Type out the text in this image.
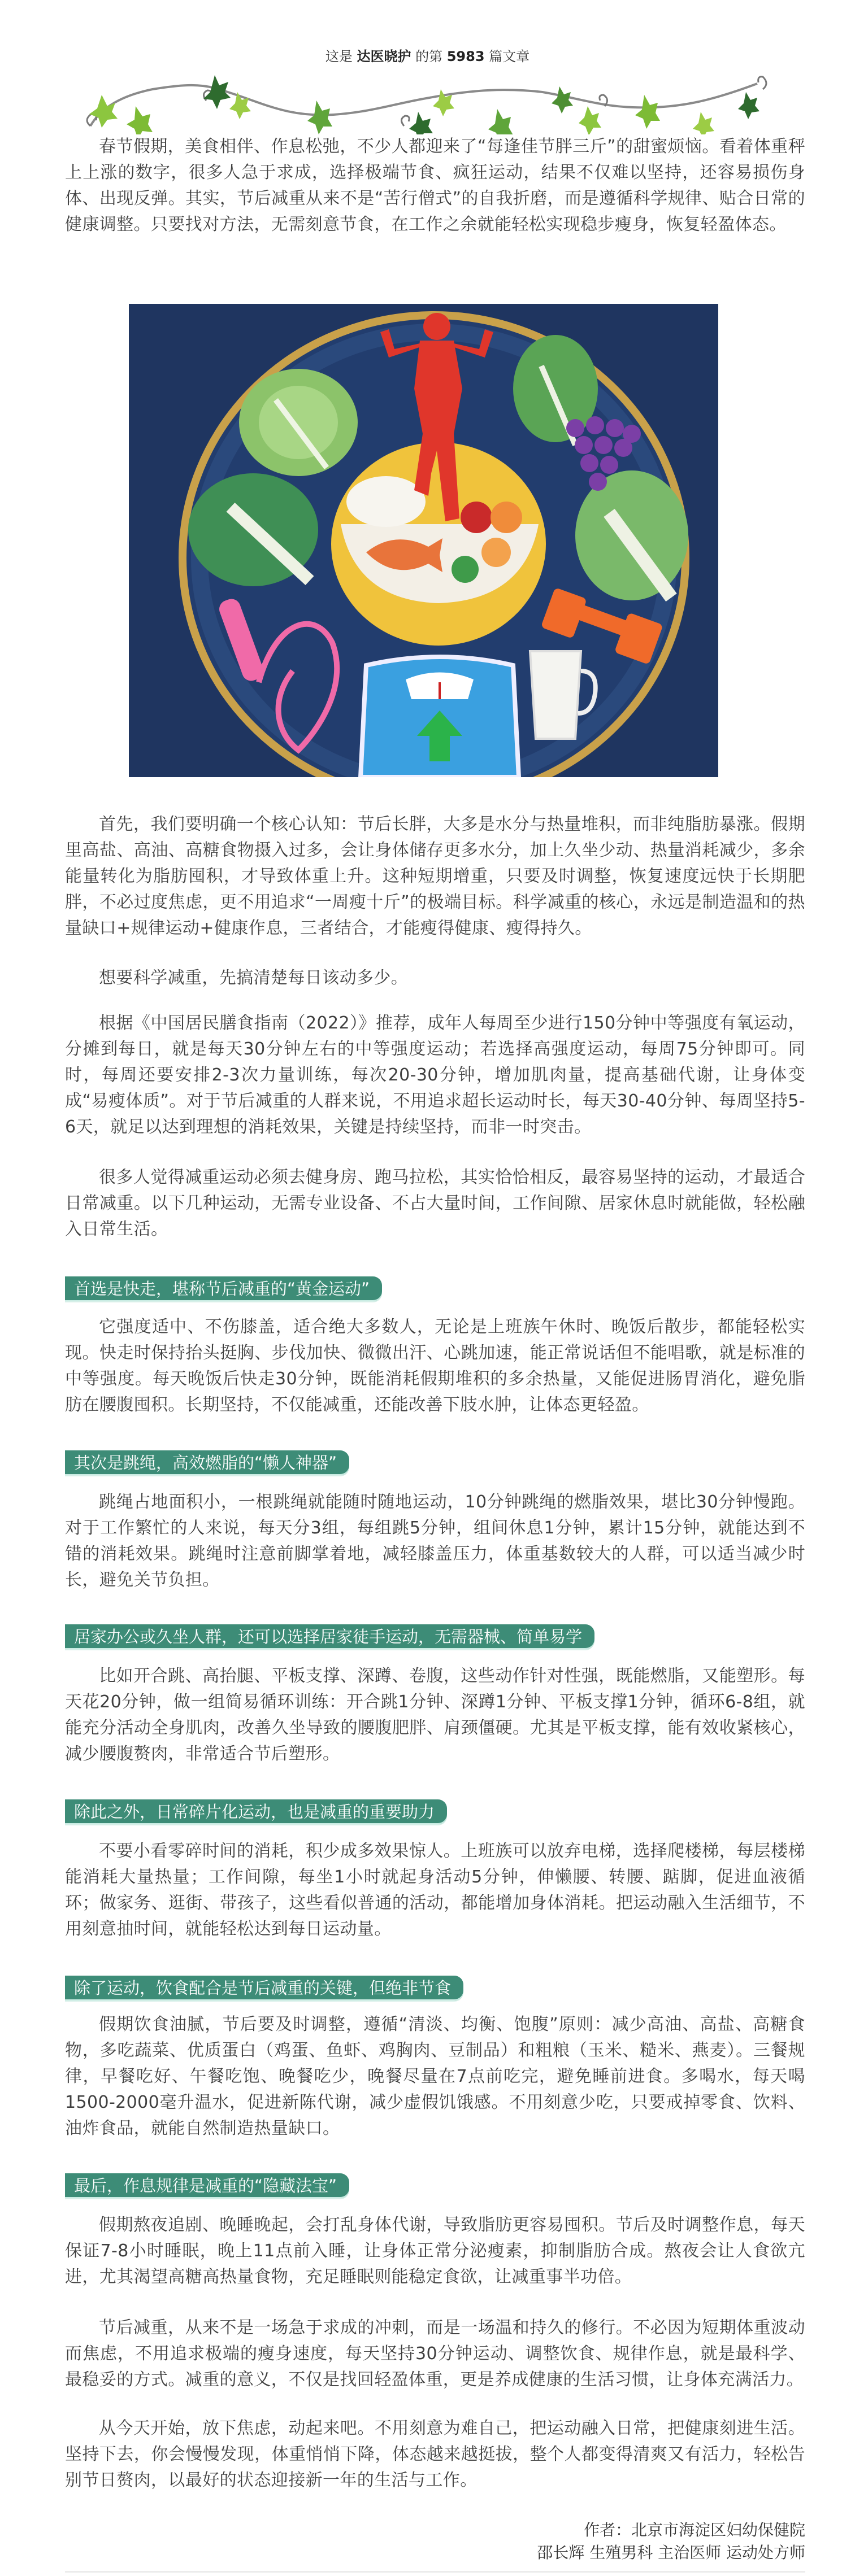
这是 达医晓护 的第 5983 篇文章

春节假期，美食相伴、作息松弛，不少人都迎来了“每逢佳节胖三斤”的甜蜜烦恼。看着体重秤上上涨的数字，很多人急于求成，选择极端节食、疯狂运动，结果不仅难以坚持，还容易损伤身体、出现反弹。其实，节后减重从来不是“苦行僧式”的自我折磨，而是遵循科学规律、贴合日常的健康调整。只要找对方法，无需刻意节食，在工作之余就能轻松实现稳步瘦身，恢复轻盈体态。

首先，我们要明确一个核心认知：节后长胖，大多是水分与热量堆积，而非纯脂肪暴涨。假期里高盐、高油、高糖食物摄入过多，会让身体储存更多水分，加上久坐少动、热量消耗减少，多余能量转化为脂肪囤积，才导致体重上升。这种短期增重，只要及时调整，恢复速度远快于长期肥胖，不必过度焦虑，更不用追求“一周瘦十斤”的极端目标。科学减重的核心，永远是制造温和的热量缺口+规律运动+健康作息，三者结合，才能瘦得健康、瘦得持久。

想要科学减重，先搞清楚每日该动多少。

根据《中国居民膳食指南（2022）》推荐，成年人每周至少进行150分钟中等强度有氧运动，分摊到每日，就是每天30分钟左右的中等强度运动；若选择高强度运动，每周75分钟即可。同时，每周还要安排2-3次力量训练，每次20-30分钟，增加肌肉量，提高基础代谢，让身体变成“易瘦体质”。对于节后减重的人群来说，不用追求超长运动时长，每天30-40分钟、每周坚持5-6天，就足以达到理想的消耗效果，关键是持续坚持，而非一时突击。

很多人觉得减重运动必须去健身房、跑马拉松，其实恰恰相反，最容易坚持的运动，才最适合日常减重。以下几种运动，无需专业设备、不占大量时间，工作间隙、居家休息时就能做，轻松融入日常生活。

首选是快走，堪称节后减重的“黄金运动”

它强度适中、不伤膝盖，适合绝大多数人，无论是上班族午休时、晚饭后散步，都能轻松实现。快走时保持抬头挺胸、步伐加快、微微出汗、心跳加速，能正常说话但不能唱歌，就是标准的中等强度。每天晚饭后快走30分钟，既能消耗假期堆积的多余热量，又能促进肠胃消化，避免脂肪在腰腹囤积。长期坚持，不仅能减重，还能改善下肢水肿，让体态更轻盈。

其次是跳绳，高效燃脂的“懒人神器”

跳绳占地面积小，一根跳绳就能随时随地运动，10分钟跳绳的燃脂效果，堪比30分钟慢跑。对于工作繁忙的人来说，每天分3组，每组跳5分钟，组间休息1分钟，累计15分钟，就能达到不错的消耗效果。跳绳时注意前脚掌着地，减轻膝盖压力，体重基数较大的人群，可以适当减少时长，避免关节负担。

居家办公或久坐人群，还可以选择居家徒手运动，无需器械、简单易学

比如开合跳、高抬腿、平板支撑、深蹲、卷腹，这些动作针对性强，既能燃脂，又能塑形。每天花20分钟，做一组简易循环训练：开合跳1分钟、深蹲1分钟、平板支撑1分钟，循环6-8组，就能充分活动全身肌肉，改善久坐导致的腰腹肥胖、肩颈僵硬。尤其是平板支撑，能有效收紧核心，减少腰腹赘肉，非常适合节后塑形。

除此之外，日常碎片化运动，也是减重的重要助力

不要小看零碎时间的消耗，积少成多效果惊人。上班族可以放弃电梯，选择爬楼梯，每层楼梯能消耗大量热量；工作间隙，每坐1小时就起身活动5分钟，伸懒腰、转腰、踮脚，促进血液循环；做家务、逛街、带孩子，这些看似普通的活动，都能增加身体消耗。把运动融入生活细节，不用刻意抽时间，就能轻松达到每日运动量。

除了运动，饮食配合是节后减重的关键，但绝非节食

假期饮食油腻，节后要及时调整，遵循“清淡、均衡、饱腹”原则：减少高油、高盐、高糖食物，多吃蔬菜、优质蛋白（鸡蛋、鱼虾、鸡胸肉、豆制品）和粗粮（玉米、糙米、燕麦）。三餐规律，早餐吃好、午餐吃饱、晚餐吃少，晚餐尽量在7点前吃完，避免睡前进食。多喝水，每天喝1500-2000毫升温水，促进新陈代谢，减少虚假饥饿感。不用刻意少吃，只要戒掉零食、饮料、油炸食品，就能自然制造热量缺口。

最后，作息规律是减重的“隐藏法宝”

假期熬夜追剧、晚睡晚起，会打乱身体代谢，导致脂肪更容易囤积。节后及时调整作息，每天保证7-8小时睡眠，晚上11点前入睡，让身体正常分泌瘦素，抑制脂肪合成。熬夜会让人食欲亢进，尤其渴望高糖高热量食物，充足睡眠则能稳定食欲，让减重事半功倍。

节后减重，从来不是一场急于求成的冲刺，而是一场温和持久的修行。不必因为短期体重波动而焦虑，不用追求极端的瘦身速度，每天坚持30分钟运动、调整饮食、规律作息，就是最科学、最稳妥的方式。减重的意义，不仅是找回轻盈体重，更是养成健康的生活习惯，让身体充满活力。

从今天开始，放下焦虑，动起来吧。不用刻意为难自己，把运动融入日常，把健康刻进生活。坚持下去，你会慢慢发现，体重悄悄下降，体态越来越挺拔，整个人都变得清爽又有活力，轻松告别节日赘肉，以最好的状态迎接新一年的生活与工作。

作者：北京市海淀区妇幼保健院
邵长辉 生殖男科 主治医师 运动处方师
